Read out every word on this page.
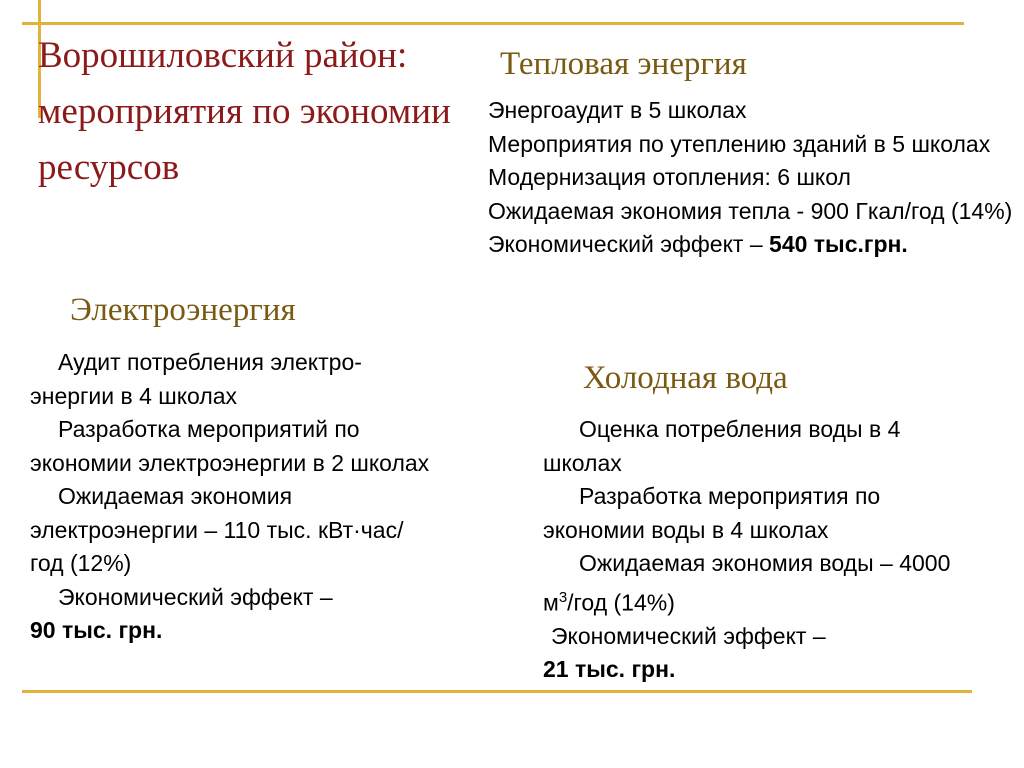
Ворошиловский район: мероприятия по экономии ресурсов
Тепловая энергия

Энергоаудит в 5 школах

Мероприятия по утеплению зданий в 5 школах

Модернизация отопления: 6 школ

Ожидаемая экономия тепла - 900 Гкал/год (14%)

Экономический эффект – 540 тыс.грн.

Электроэнергия

Аудит потребления электро-энергии в 4 школах

Разработка мероприятий по экономии электроэнергии в 2 школах

Ожидаемая экономия электроэнергии – 110 тыс. кВт·час/год (12%)

Экономический эффект –
90 тыс. грн.

Холодная вода

Оценка потребления воды в 4 школах

Разработка мероприятия по экономии воды в 4 школах

Ожидаемая экономия воды – 4000 $м^3$/год (14%)

Экономический эффект –
21 тыс. грн.
